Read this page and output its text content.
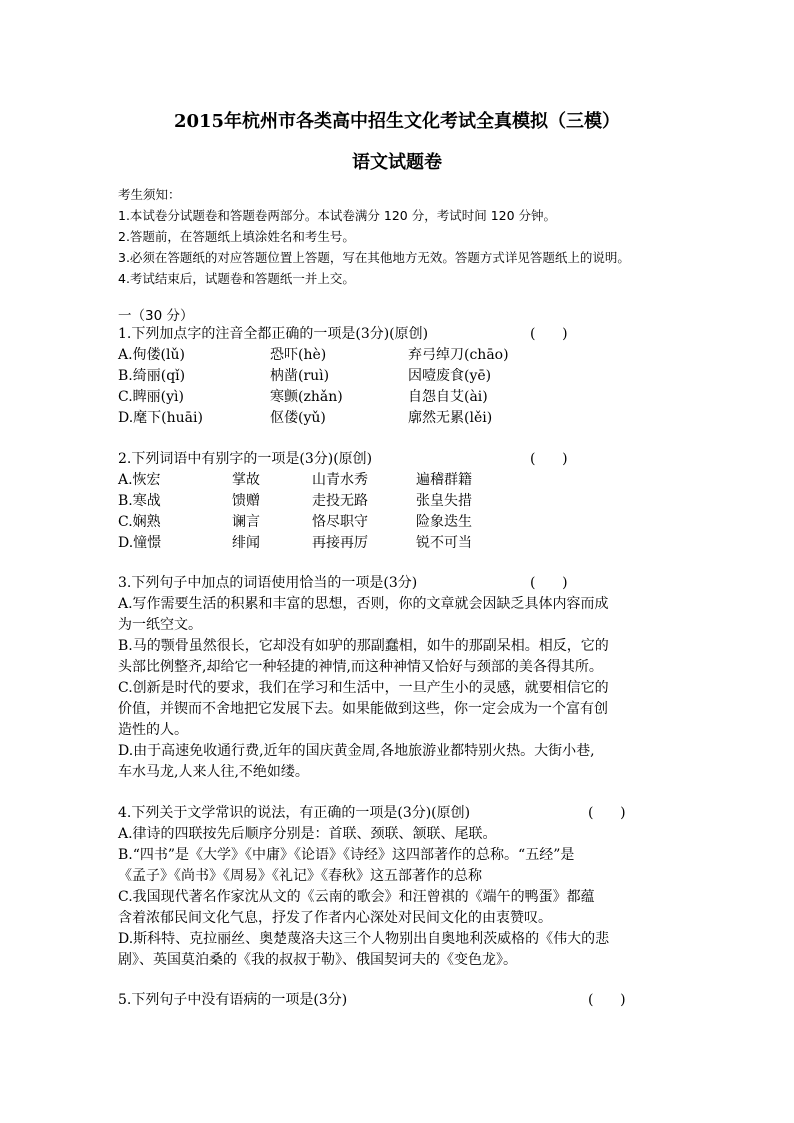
2015年杭州市各类高中招生文化考试全真模拟（三模）
语文试题卷
考生须知：
1.本试卷分试题卷和答题卷两部分。本试卷满分 120 分，考试时间 120 分钟。
2.答题前，在答题纸上填涂姓名和考生号。
3.必须在答题纸的对应答题位置上答题，写在其他地方无效。答题方式详见答题纸上的说明。
4.考试结束后，试题卷和答题纸一并上交。
一（30 分）
1.下列加点字的注音全都正确的一项是(3分)(原创)	(      )
A.佝偻(lǔ)	恐吓(hè)	弃弓绰刀(chāo)
B.绮丽(qǐ)	枘凿(ruì)	因噎废食(yē)
C.睥丽(yì)	寒颤(zhǎn)	自怨自艾(ài)
D.麾下(huāi)	伛偻(yǔ)	廓然无累(lěi)
2.下列词语中有别字的一项是(3分)(原创)	(      )
A.恢宏	掌故	山青水秀	遍稽群籍
B.寒战	馈赠	走投无路	张皇失措
C.娴熟	谰言	恪尽职守	险象迭生
D.憧憬	绯闻	再接再厉	锐不可当
3.下列句子中加点的词语使用恰当的一项是(3分)	(      )
A.写作需要生活的积累和丰富的思想，否则，你的文章就会因缺乏具体内容而成
为一纸空文。
B.马的颚骨虽然很长，它却没有如驴的那副蠢相，如牛的那副呆相。相反，它的
头部比例整齐,却给它一种轻捷的神情,而这种神情又恰好与颈部的美各得其所。
C.创新是时代的要求，我们在学习和生活中，一旦产生小的灵感，就要相信它的
价值，并锲而不舍地把它发展下去。如果能做到这些，你一定会成为一个富有创
造性的人。
D.由于高速免收通行费,近年的国庆黄金周,各地旅游业都特别火热。大街小巷,
车水马龙,人来人往,不绝如缕。
4.下列关于文学常识的说法，有正确的一项是(3分)(原创)	(      )
A.律诗的四联按先后顺序分别是：首联、颈联、颔联、尾联。
B.“四书”是《大学》《中庸》《论语》《诗经》这四部著作的总称。“五经”是
《孟子》《尚书》《周易》《礼记》《春秋》这五部著作的总称
C.我国现代著名作家沈从文的《云南的歌会》和汪曾祺的《端午的鸭蛋》都蕴
含着浓郁民间文化气息，抒发了作者内心深处对民间文化的由衷赞叹。
D.斯科特、克拉丽丝、奥楚蔑洛夫这三个人物别出自奥地利茨威格的《伟大的悲
剧》、英国莫泊桑的《我的叔叔于勒》、俄国契诃夫的《变色龙》。
5.下列句子中没有语病的一项是(3分)	(      )
